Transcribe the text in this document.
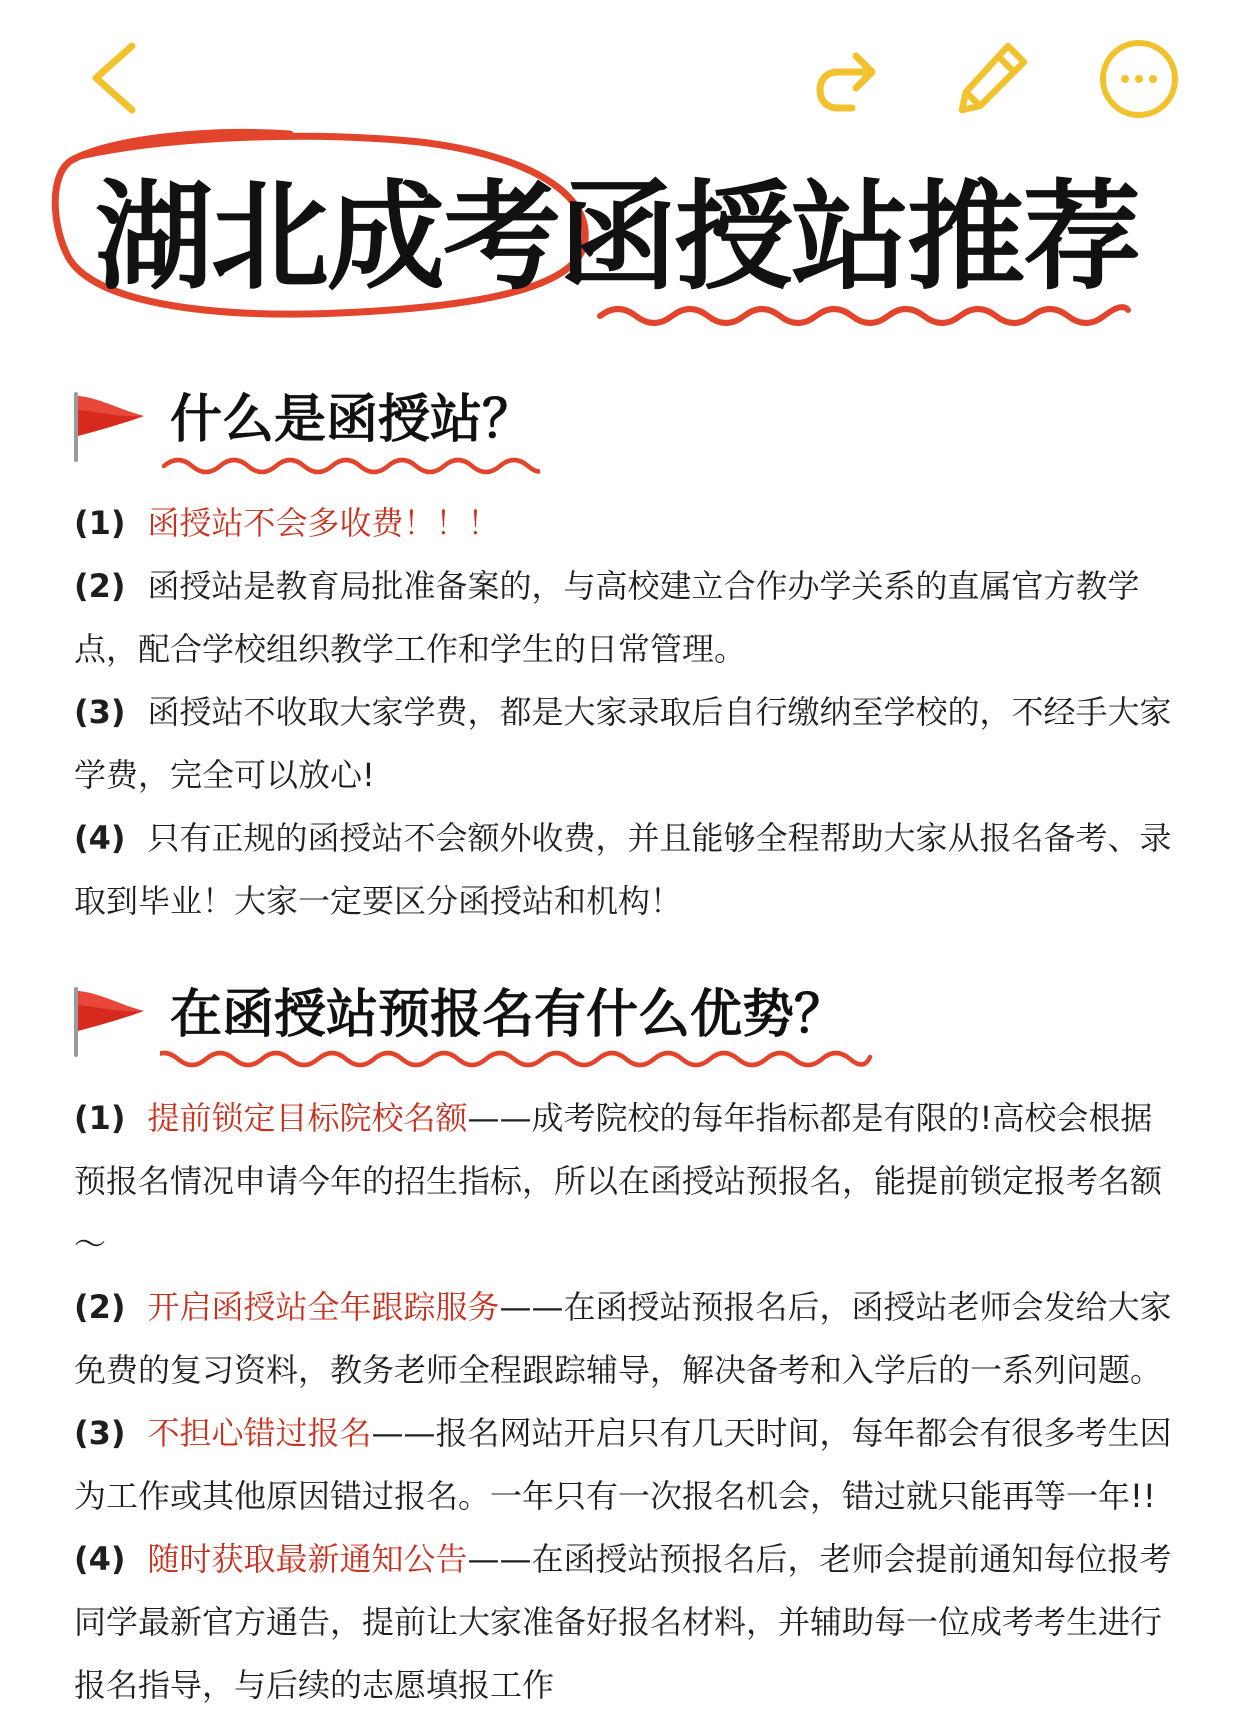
湖北成考函授站推荐
什么是函授站？

(1) 函授站不会多收费！！！

(2) 函授站是教育局批准备案的，与高校建立合作办学关系的直属官方教学点，配合学校组织教学工作和学生的日常管理。

(3) 函授站不收取大家学费，都是大家录取后自行缴纳至学校的，不经手大家学费，完全可以放心!

(4) 只有正规的函授站不会额外收费，并且能够全程帮助大家从报名备考、录取到毕业！大家一定要区分函授站和机构！

在函授站预报名有什么优势？

(1) 提前锁定目标院校名额——成考院校的每年指标都是有限的!高校会根据预报名情况申请今年的招生指标，所以在函授站预报名，能提前锁定报考名额～

(2) 开启函授站全年跟踪服务——在函授站预报名后，函授站老师会发给大家免费的复习资料，教务老师全程跟踪辅导，解决备考和入学后的一系列问题。

(3) 不担心错过报名——报名网站开启只有几天时间，每年都会有很多考生因为工作或其他原因错过报名。一年只有一次报名机会，错过就只能再等一年!!

(4) 随时获取最新通知公告——在函授站预报名后，老师会提前通知每位报考同学最新官方通告，提前让大家准备好报名材料，并辅助每一位成考考生进行报名指导，与后续的志愿填报工作
